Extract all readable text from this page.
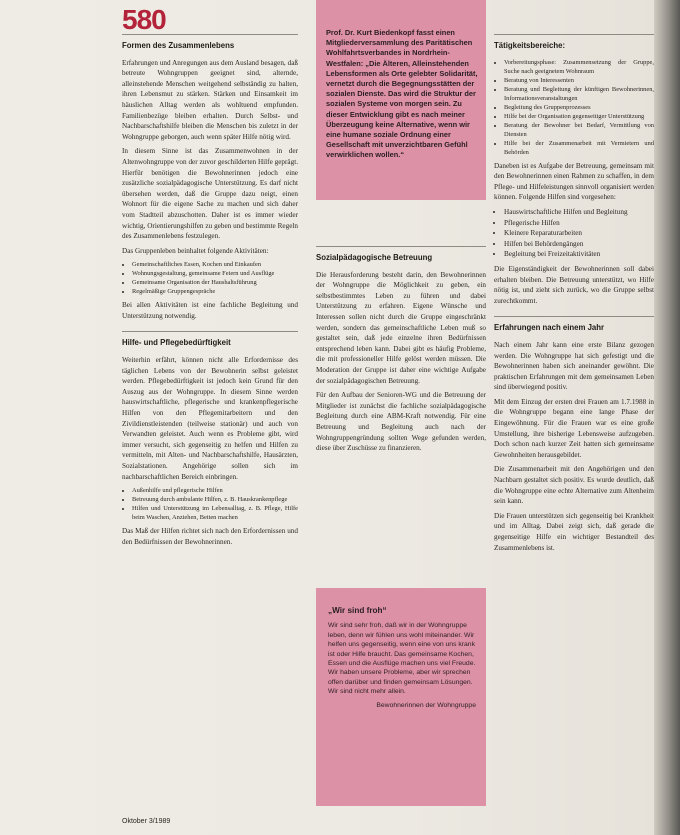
580
Formen des Zusammenlebens

Erfahrungen und Anregungen aus dem Ausland besagen, daß betreute Wohngruppen geeignet sind, alternde, alleinstehende Menschen weitgehend selbständig zu halten, ihren Lebensmut zu stärken. Stärken und Einsamkeit im häuslichen Alltag werden als wohltuend empfunden. Familienbezüge bleiben erhalten. Durch Selbst- und Nachbarschaftshilfe bleiben die Menschen bis zuletzt in der Wohngruppe geborgen, auch wenn später Hilfe nötig wird.

In diesem Sinne ist das Zusammenwohnen in der Altenwohngruppe von der zuvor geschilderten Hilfe geprägt. Hierfür benötigen die Bewohnerinnen jedoch eine zusätzliche sozialpädagogische Unterstützung. Es darf nicht übersehen werden, daß die Gruppe dazu neigt, einen Wohnort für die eigene Sache zu machen und sich daher vom Stadtteil abzuschotten. Daher ist es immer wieder wichtig, Orientierungshilfen zu geben und bestimmte Regeln des Zusammenlebens festzulegen.

Das Gruppenleben beinhaltet folgende Aktivitäten:

• Gemeinschaftliches Essen, Kochen und Einkaufen
• Wohnungsgestaltung, gemeinsame Feiern und Ausflüge
• Gemeinsame Organisation der Haushaltsführung
• Regelmäßige Gruppengespräche

Bei allen Aktivitäten ist eine fachliche Begleitung und Unterstützung notwendig.

Hilfe- und Pflegebedürftigkeit

Weiterhin erfährt, können nicht alle Erfordernisse des täglichen Lebens von der Bewohnerin selbst geleistet werden. Pflegebedürftigkeit ist jedoch kein Grund für den Auszug aus der Wohngruppe. In diesem Sinne werden hauswirtschaftliche, pflegerische und krankenpflegerische Hilfen von den Pflegemitarbeitern und den Zivildienstleistenden (teilweise stationär) und auch von Verwandten geleistet. Auch wenn es Probleme gibt, wird immer versucht, sich gegenseitig zu helfen und Hilfen zu vermitteln, mit Alten- und Nachbarschaftshilfe, Hausärzten, Sozialstationen. Angehörige sollen sich im nachbarschaftlichen Bereich einbringen.

• Außenhilfe und pflegerische Hilfen
• Betreuung durch ambulante Hilfen, z. B. Hauskrankenpflege
• Hilfen und Unterstützung im Lebensalltag, z. B. Pflege, Hilfe beim Waschen, Anziehen, Betten machen

Das Maß der Hilfen richtet sich nach den Erfordernissen und den Bedürfnissen der Bewohnerinnen.

Oktober 3/1989
Prof. Dr. Kurt Biedenkopf fasst einen Mitgliederversammlung des Paritätischen Wohlfahrtsverbandes in Nordrhein-Westfalen: „Die Älteren, Alleinstehenden Lebensformen als Orte gelebter Solidarität, vernetzt durch die Begegnungsstätten der sozialen Dienste. Das wird die Struktur der sozialen Systeme von morgen sein. Zu dieser Entwicklung gibt es nach meiner Überzeugung keine Alternative, wenn wir eine humane soziale Ordnung einer Gesellschaft mit unverzichtbaren Gefühl verwirklichen wollen.“
Sozialpädagogische Betreuung

Die Herausforderung besteht darin, den Bewohnerinnen der Wohngruppe die Möglichkeit zu geben, ein selbstbestimmtes Leben zu führen und dabei Unterstützung zu erfahren. Eigene Wünsche und Interessen sollen nicht durch die Gruppe eingeschränkt werden, sondern das gemeinschaftliche Leben muß so gestaltet sein, daß jede einzelne ihren Bedürfnissen entsprechend leben kann. Dabei gibt es häufig Probleme, die mit professioneller Hilfe gelöst werden müssen. Die Moderation der Gruppe ist daher eine wichtige Aufgabe der sozialpädagogischen Betreuung.

Für den Aufbau der Senioren-WG und die Betreuung der Mitglieder ist zunächst die fachliche sozialpädagogische Begleitung durch eine ABM-Kraft notwendig. Für eine Betreuung und Begleitung auch nach der Wohngruppengründung sollten Wege gefunden werden, diese über Zuschüsse zu finanzieren.

„Wir sind froh“
Wir sind sehr froh, daß wir in der Wohngruppe leben, denn wir fühlen uns wohl miteinander. Wir helfen uns gegenseitig, wenn eine von uns krank ist oder Hilfe braucht. Das gemeinsame Kochen, Essen und die Ausflüge machen uns viel Freude. Wir haben unsere Probleme, aber wir sprechen offen darüber und finden gemeinsam Lösungen. Wir sind nicht mehr allein.
Bewohnerinnen der Wohngruppe
Tätigkeitsbereiche:
• Vorbereitungsphase: Zusammensetzung der Gruppe, Suche nach geeignetem Wohnraum
• Beratung von Interessenten
• Beratung und Begleitung der künftigen Bewohnerinnen, Informationsveranstaltungen
• Begleitung des Gruppenprozesses
• Hilfe bei der Organisation gegenseitiger Unterstützung
• Beratung der Bewohner bei Bedarf, Vermittlung von Diensten
• Hilfe bei der Zusammenarbeit mit Vermietern und Behörden

Daneben ist es Aufgabe der Betreuung, gemeinsam mit den Bewohnerinnen einen Rahmen zu schaffen, in dem Pflege- und Hilfeleistungen sinnvoll organisiert werden können. Folgende Hilfen sind vorgesehen:

• Hauswirtschaftliche Hilfen und Begleitung
• Pflegerische Hilfen
• Kleinere Reparaturarbeiten
• Hilfen bei Behördengängen
• Begleitung bei Freizeitaktivitäten

Die Eigenständigkeit der Bewohnerinnen soll dabei erhalten bleiben. Die Betreuung unterstützt, wo Hilfe nötig ist, und zieht sich zurück, wo die Gruppe selbst zurechtkommt.

Erfahrungen nach einem Jahr

Nach einem Jahr kann eine erste Bilanz gezogen werden. Die Wohngruppe hat sich gefestigt und die Bewohnerinnen haben sich aneinander gewöhnt. Die praktischen Erfahrungen mit dem gemeinsamen Leben sind überwiegend positiv.

Mit dem Einzug der ersten drei Frauen am 1.7.1988 in die Wohngruppe begann eine lange Phase der Eingewöhnung. Für die Frauen war es eine große Umstellung, ihre bisherige Lebensweise aufzugeben. Doch schon nach kurzer Zeit hatten sich gemeinsame Gewohnheiten herausgebildet.

Die Zusammenarbeit mit den Angehörigen und den Nachbarn gestaltet sich positiv. Es wurde deutlich, daß die Wohngruppe eine echte Alternative zum Altenheim sein kann.

Die Frauen unterstützen sich gegenseitig bei Krankheit und im Alltag. Dabei zeigt sich, daß gerade die gegenseitige Hilfe ein wichtiger Bestandteil des Zusammenlebens ist.
